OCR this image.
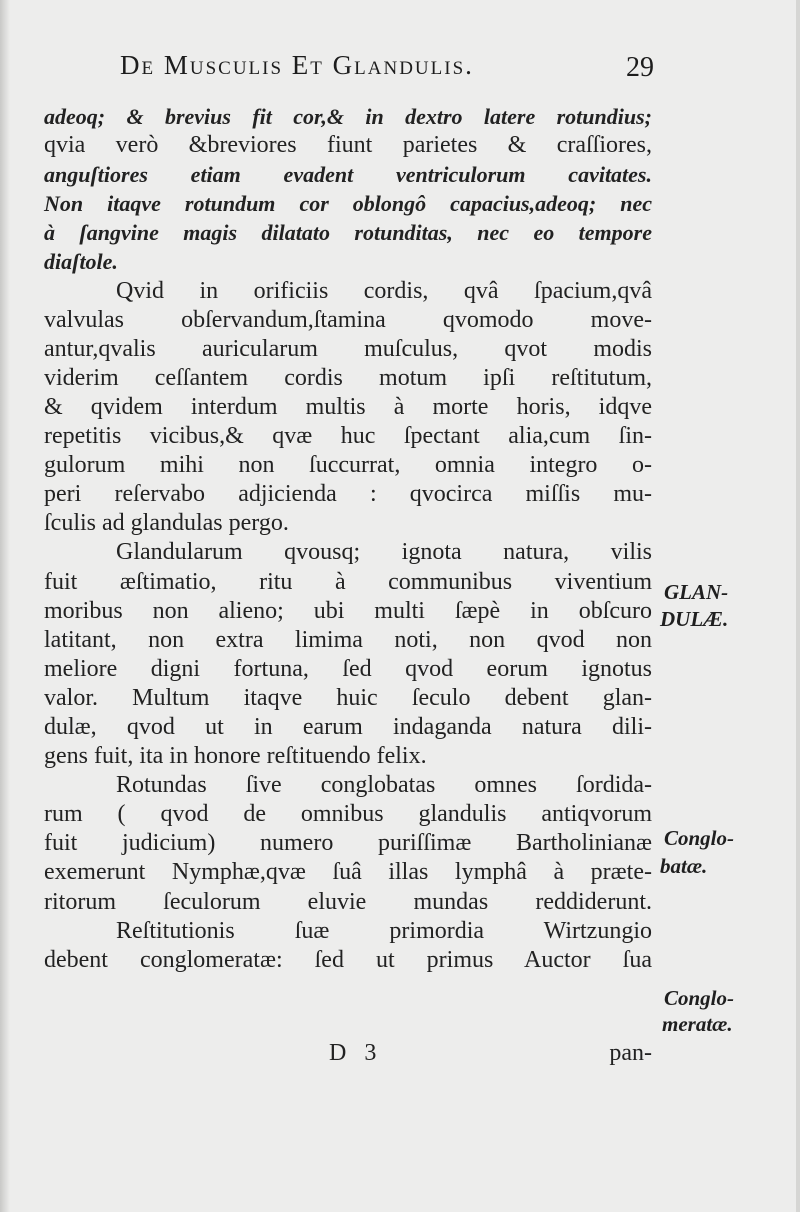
De Musculis Et Glandulis.	29
adeoq; & brevius fit cor,& in dextro latere rotundius;
qvia verò &breviores fiunt parietes & craſſiores,
anguſtiores etiam evadent ventriculorum cavitates.
Non itaqve rotundum cor oblongô capacius,adeoq; nec
à ſangvine magis dilatato rotunditas, nec eo tempore
diaſtole.
Qvid in orificiis cordis, qvâ ſpacium,qvâ
valvulas obſervandum,ſtamina qvomodo move-
antur,qvalis auricularum muſculus, qvot modis
viderim ceſſantem cordis motum ipſi reſtitutum,
& qvidem interdum multis à morte horis, idqve
repetitis vicibus,& qvæ huc ſpectant alia,cum ſin-
gulorum mihi non ſuccurrat, omnia integro o-
peri reſervabo adjicienda : qvocirca miſſis mu-
ſculis ad glandulas pergo.
Glandularum qvousq; ignota natura, vilis
fuit æſtimatio, ritu à communibus viventium
moribus non alieno; ubi multi ſæpè in obſcuro
latitant, non extra limima noti, non qvod non
meliore digni fortuna, ſed qvod eorum ignotus
valor. Multum itaqve huic ſeculo debent glan-
dulæ, qvod ut in earum indaganda natura dili-
gens fuit, ita in honore reſtituendo felix.
Rotundas ſive conglobatas omnes ſordida-
rum ( qvod de omnibus glandulis antiqvorum
fuit judicium) numero puriſſimæ Bartholinianæ
exemerunt Nymphæ,qvæ ſuâ illas lymphâ à præte-
ritorum ſeculorum eluvie mundas reddiderunt.
Reſtitutionis ſuæ primordia Wirtzungio
debent conglomeratæ: ſed ut primus Auctor ſua
GLAN-
DULÆ.
Conglo-
batæ.
Conglo-
meratæ.
D 3	pan-
